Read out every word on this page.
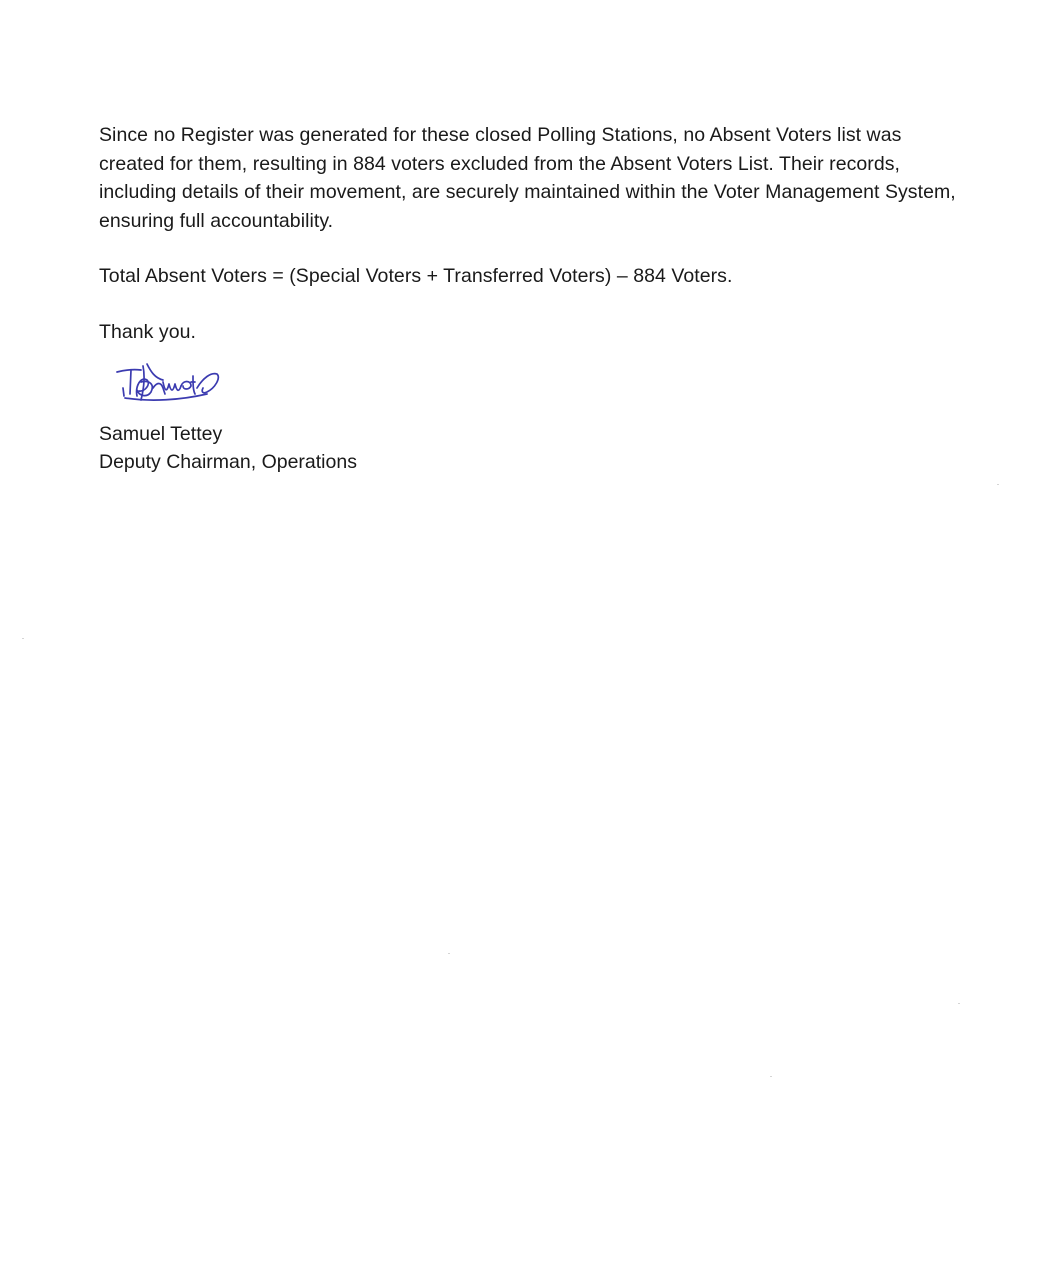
Since no Register was generated for these closed Polling Stations, no Absent Voters list was created for them, resulting in 884 voters excluded from the Absent Voters List. Their records, including details of their movement, are securely maintained within the Voter Management System, ensuring full accountability.

Total Absent Voters = (Special Voters + Transferred Voters) – 884 Voters.

Thank you.

Samuel Tettey
Deputy Chairman, Operations
